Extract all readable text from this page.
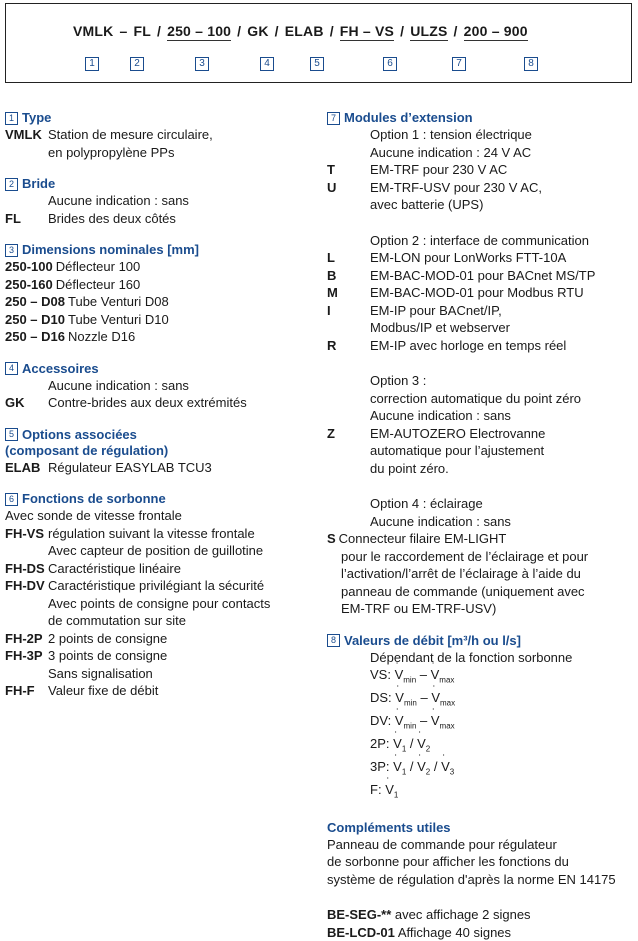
VMLK – FL / 250 – 100 / GK / ELAB / FH – VS / ULZS / 200 – 900
1	2	3	4	5	6	7	8
1 Type
VMLK Station de mesure circulaire,
en polypropylène PPs
2 Bride
Aucune indication : sans
FL	Brides des deux côtés
3 Dimensions nominales [mm]
250-100 Déflecteur 100
250-160 Déflecteur 160
250 – D08 Tube Venturi D08
250 – D10 Tube Venturi D10
250 – D16 Nozzle D16
4 Accessoires
Aucune indication : sans
GK	Contre-brides aux deux extrémités
5 Options associées
(composant de régulation)
ELAB Régulateur EASYLAB TCU3
6 Fonctions de sorbonne
Avec sonde de vitesse frontale
FH-VS régulation suivant la vitesse frontale
Avec capteur de position de guillotine
FH-DS Caractéristique linéaire
FH-DV Caractéristique privilégiant la sécurité
Avec points de consigne pour contacts
de commutation sur site
FH-2P 2 points de consigne
FH-3P 3 points de consigne
Sans signalisation
FH-F	Valeur fixe de débit
7 Modules d’extension
Option 1 : tension électrique
Aucune indication : 24 V AC
T	EM-TRF pour 230 V AC
U	EM-TRF-USV pour 230 V AC,
avec batterie (UPS)
Option 2 : interface de communication
L	EM-LON pour LonWorks FTT-10A
B	EM-BAC-MOD-01 pour BACnet MS/TP
M	EM-BAC-MOD-01 pour Modbus RTU
I	EM-IP pour BACnet/IP,
Modbus/IP et webserver
R	EM-IP avec horloge en temps réel
Option 3 :
correction automatique du point zéro
Aucune indication : sans
Z	EM-AUTOZERO Electrovanne
automatique pour l’ajustement
du point zéro.
Option 4 : éclairage
Aucune indication : sans
S Connecteur filaire EM-LIGHT
pour le raccordement de l’éclairage et pour
l’activation/l’arrêt de l’éclairage à l’aide du
panneau de commande (uniquement avec
EM-TRF ou EM-TRF-USV)
8 Valeurs de débit [m³/h ou l/s]
Dépendant de la fonction sorbonne
VS: ˙ $V_{min}$ – ˙ $V_{max}$
DS: ˙ $V_{min}$ – ˙ $V_{max}$
DV: ˙ $V_{min}$ – ˙ $V_{max}$
2P: ˙ $V_1$ / ˙ $V_2$
3P: ˙ $V_1$ / ˙ $V_2$ / ˙ $V_3$
F: ˙ $V_1$
Compléments utiles
Panneau de commande pour régulateur
de sorbonne pour afficher les fonctions du
système de régulation d'après la norme EN 14175
BE-SEG-** avec affichage 2 signes
BE-LCD-01 Affichage 40 signes
